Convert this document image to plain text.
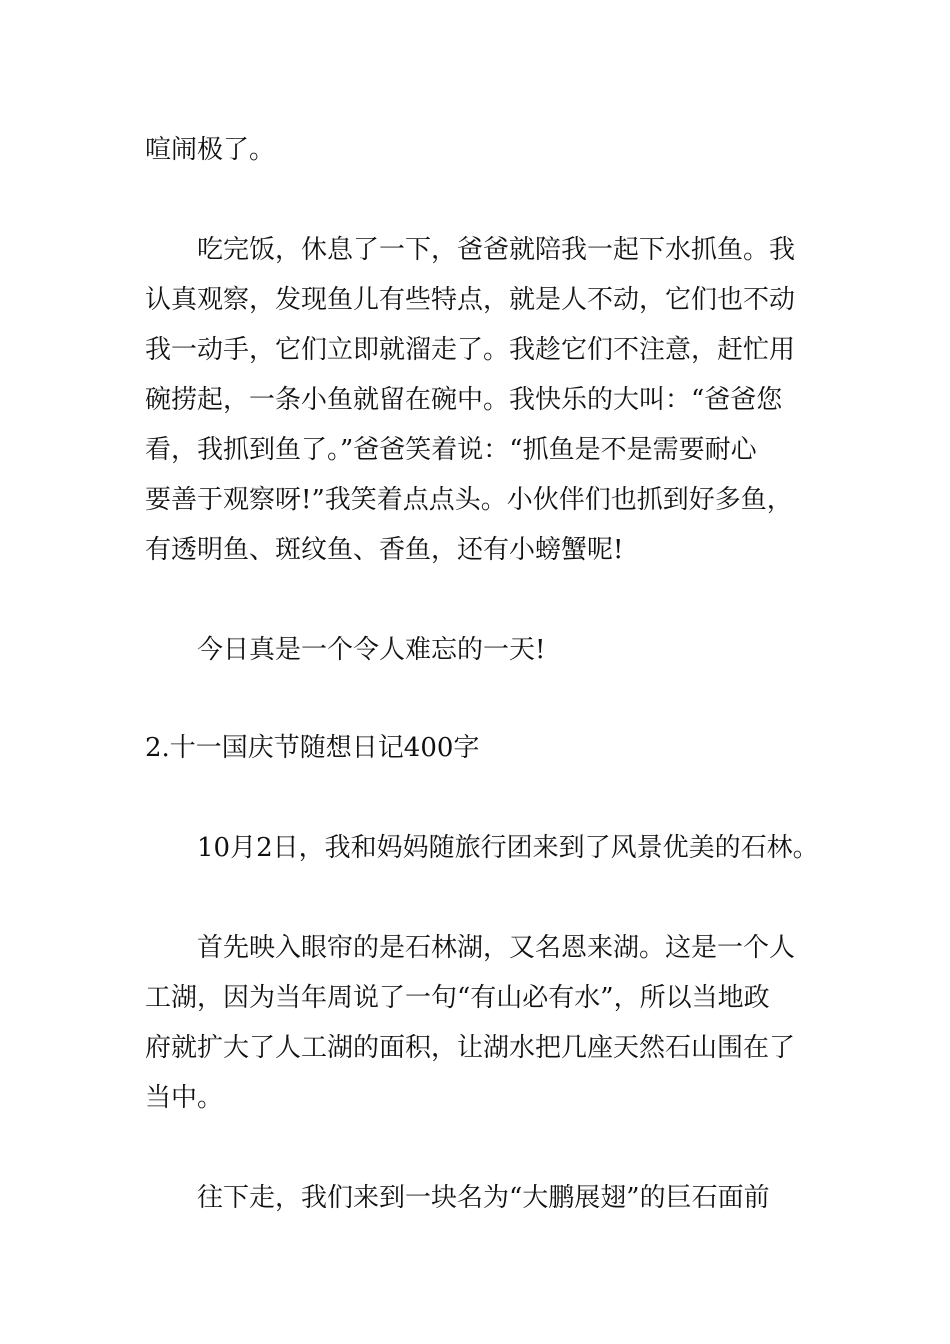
喧闹极了。

吃完饭，休息了一下，爸爸就陪我一起下水抓鱼。我

认真观察，发现鱼儿有些特点，就是人不动，它们也不动

我一动手，它们立即就溜走了。我趁它们不注意，赶忙用

碗捞起，一条小鱼就留在碗中。我快乐的大叫：“爸爸您

看，我抓到鱼了。”爸爸笑着说：“抓鱼是不是需要耐心

要善于观察呀!”我笑着点点头。小伙伴们也抓到好多鱼，

有透明鱼、斑纹鱼、香鱼，还有小螃蟹呢!

今日真是一个令人难忘的一天!

2.十一国庆节随想日记400字

10月2日，我和妈妈随旅行团来到了风景优美的石林。

首先映入眼帘的是石林湖，又名恩来湖。这是一个人

工湖，因为当年周说了一句“有山必有水”，所以当地政

府就扩大了人工湖的面积，让湖水把几座天然石山围在了

当中。

往下走，我们来到一块名为“大鹏展翅”的巨石面前
